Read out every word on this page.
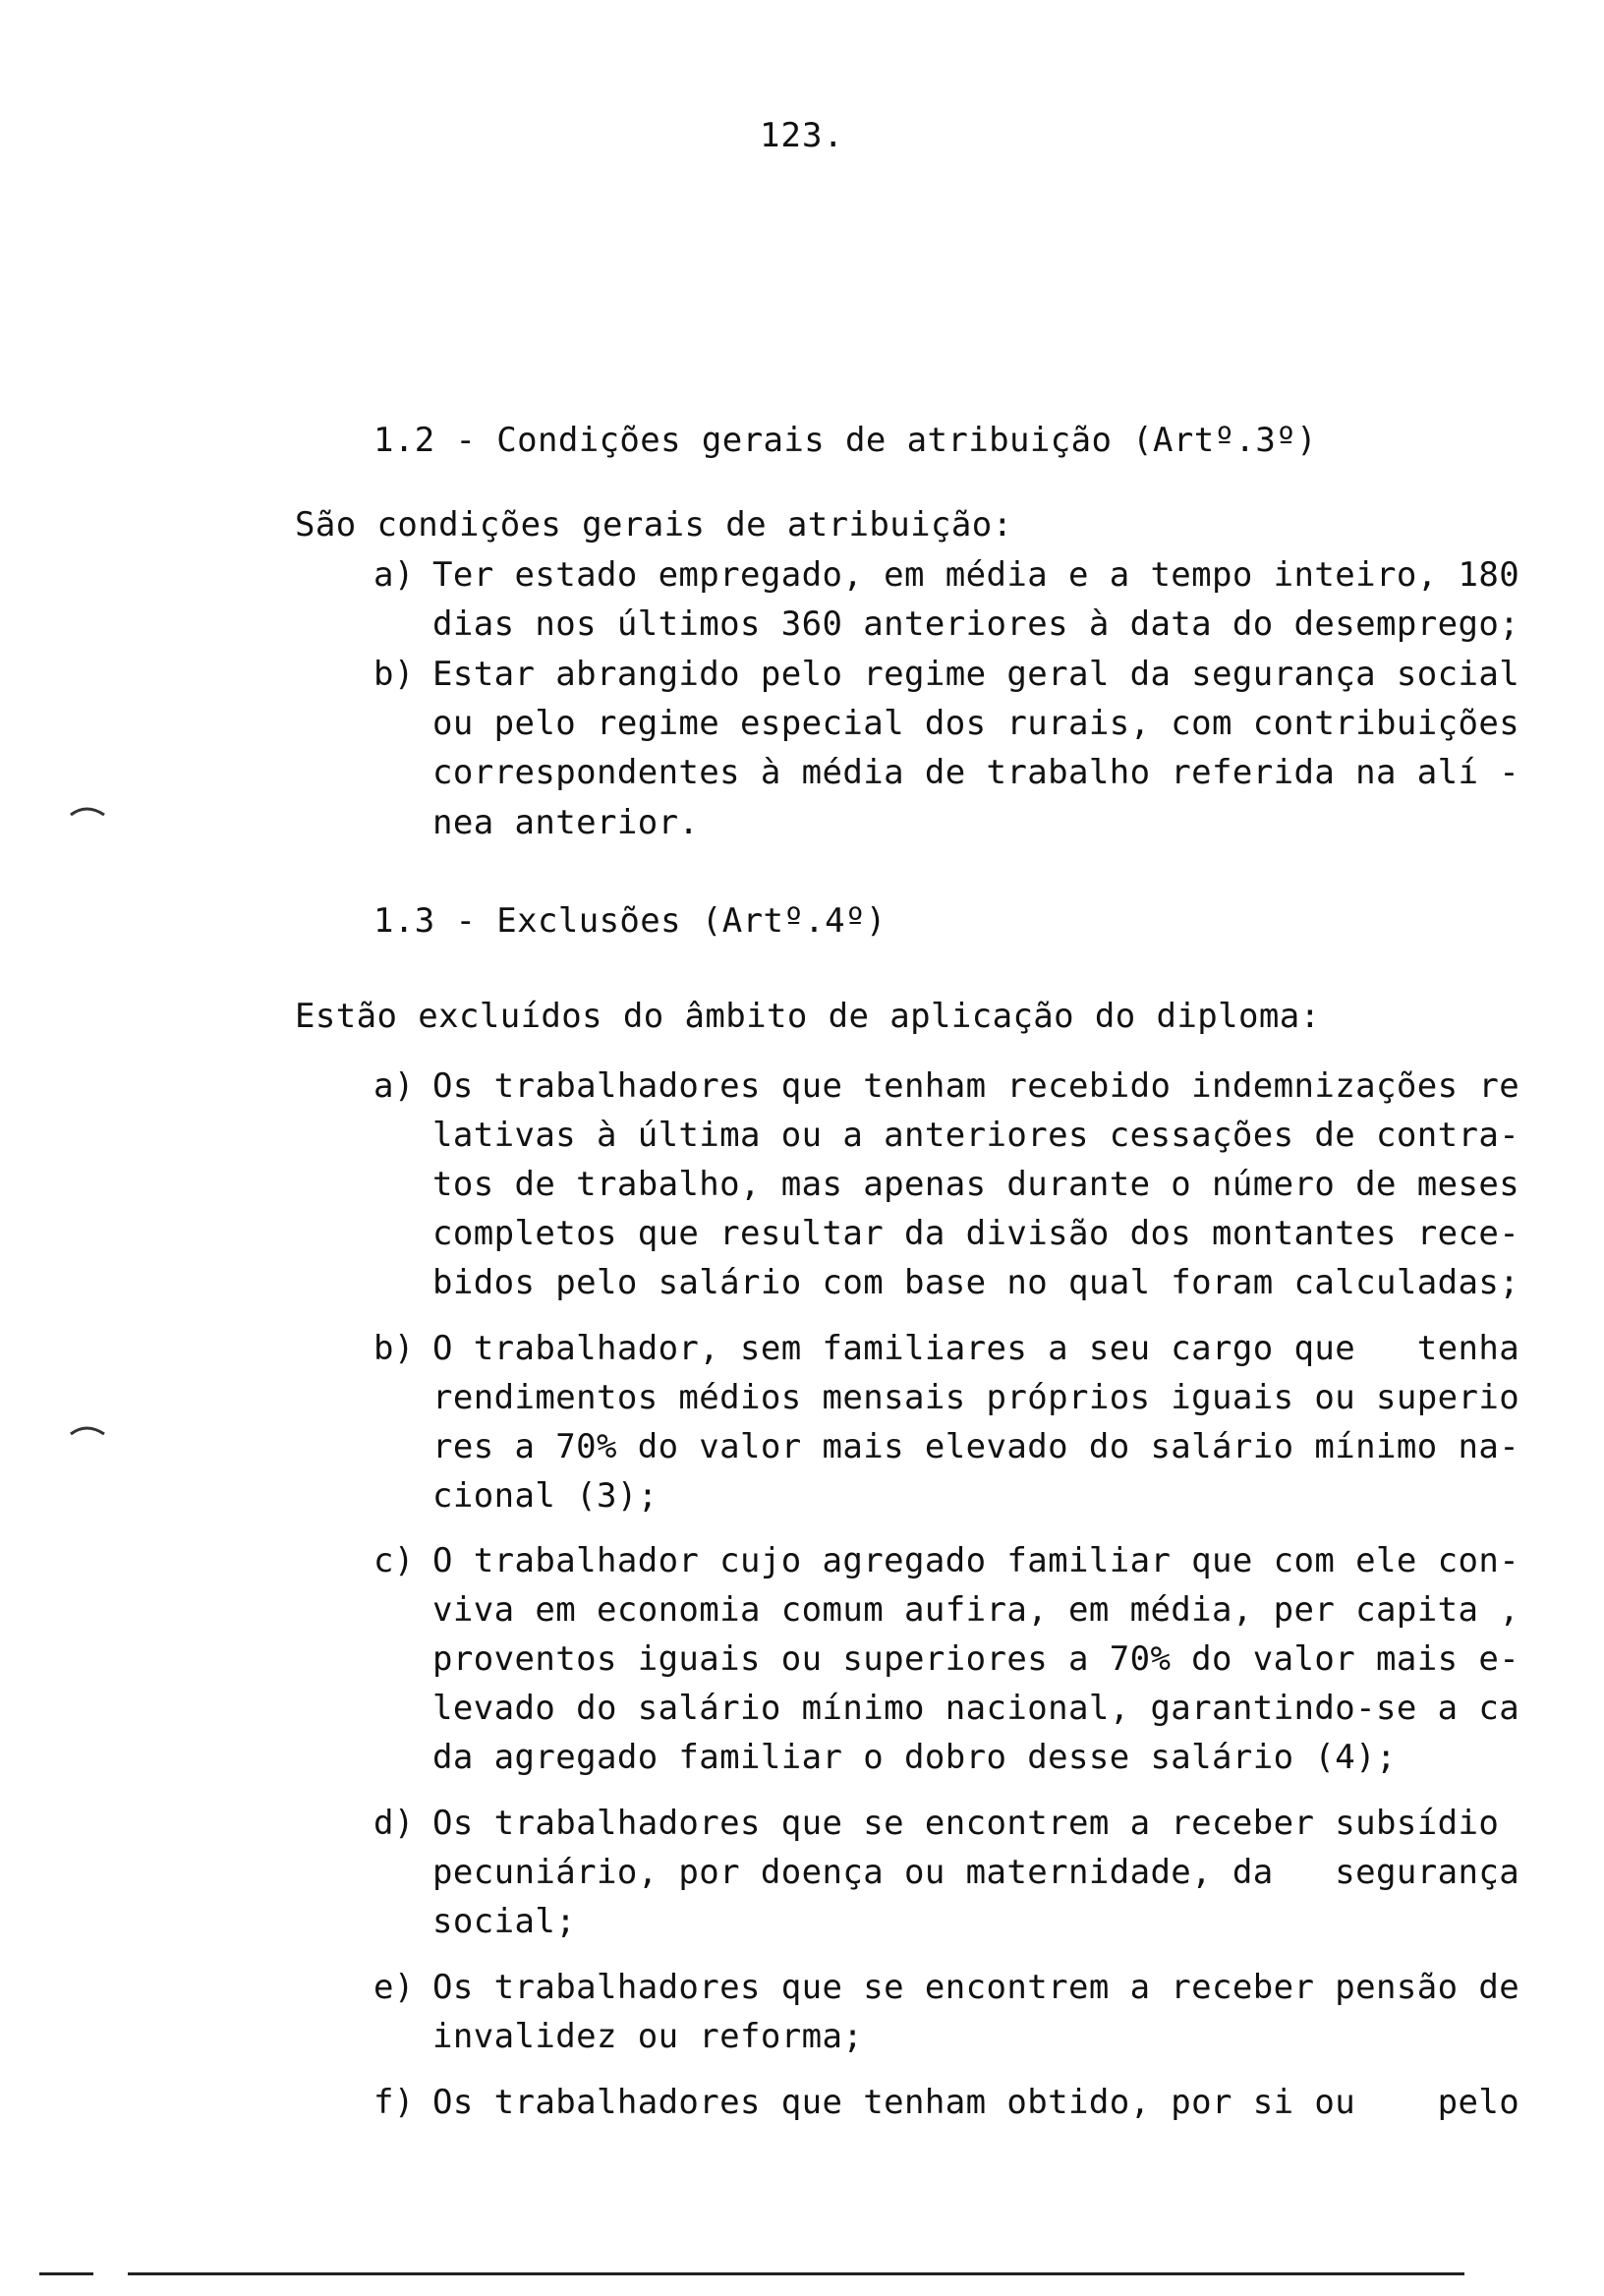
123.
1.2 - Condições gerais de atribuição (Artº.3º)
São condições gerais de atribuição:
a) Ter estado empregado, em média e a tempo inteiro, 180
dias nos últimos 360 anteriores à data do desemprego;
b) Estar abrangido pelo regime geral da segurança social
ou pelo regime especial dos rurais, com contribuições
correspondentes à média de trabalho referida na alí -
nea anterior.
1.3 - Exclusões (Artº.4º)
Estão excluídos do âmbito de aplicação do diploma:
a) Os trabalhadores que tenham recebido indemnizações re
lativas à última ou a anteriores cessações de contra-
tos de trabalho, mas apenas durante o número de meses
completos que resultar da divisão dos montantes rece-
bidos pelo salário com base no qual foram calculadas;
b) O trabalhador, sem familiares a seu cargo que   tenha
rendimentos médios mensais próprios iguais ou superio
res a 70% do valor mais elevado do salário mínimo na-
cional (3);
c) O trabalhador cujo agregado familiar que com ele con-
viva em economia comum aufira, em média, per capita ,
proventos iguais ou superiores a 70% do valor mais e-
levado do salário mínimo nacional, garantindo-se a ca
da agregado familiar o dobro desse salário (4);
d) Os trabalhadores que se encontrem a receber subsídio
pecuniário, por doença ou maternidade, da   segurança
social;
e) Os trabalhadores que se encontrem a receber pensão de
invalidez ou reforma;
f) Os trabalhadores que tenham obtido, por si ou    pelo
